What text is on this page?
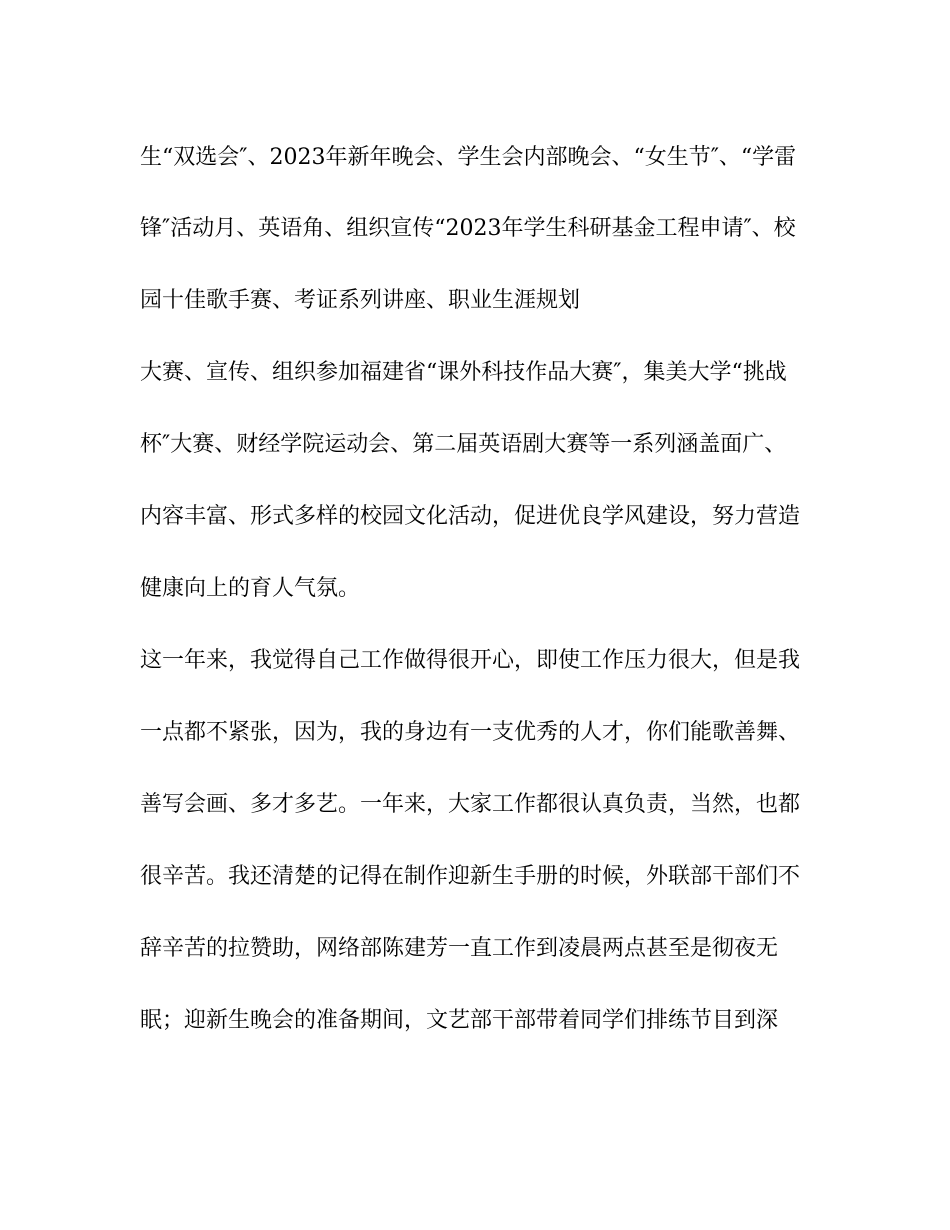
生“双选会″、2023年新年晚会、学生会内部晚会、“女生节″、“学雷
锋″活动月、英语角、组织宣传“2023年学生科研基金工程申请″、校
园十佳歌手赛、考证系列讲座、职业生涯规划
大赛、宣传、组织参加福建省“课外科技作品大赛″，集美大学“挑战
杯″大赛、财经学院运动会、第二届英语剧大赛等一系列涵盖面广、
内容丰富、形式多样的校园文化活动，促进优良学风建设，努力营造
健康向上的育人气氛。
这一年来，我觉得自己工作做得很开心，即使工作压力很大，但是我
一点都不紧张，因为，我的身边有一支优秀的人才，你们能歌善舞、
善写会画、多才多艺。一年来，大家工作都很认真负责，当然，也都
很辛苦。我还清楚的记得在制作迎新生手册的时候，外联部干部们不
辞辛苦的拉赞助，网络部陈建芳一直工作到凌晨两点甚至是彻夜无
眠；迎新生晚会的准备期间，文艺部干部带着同学们排练节目到深
